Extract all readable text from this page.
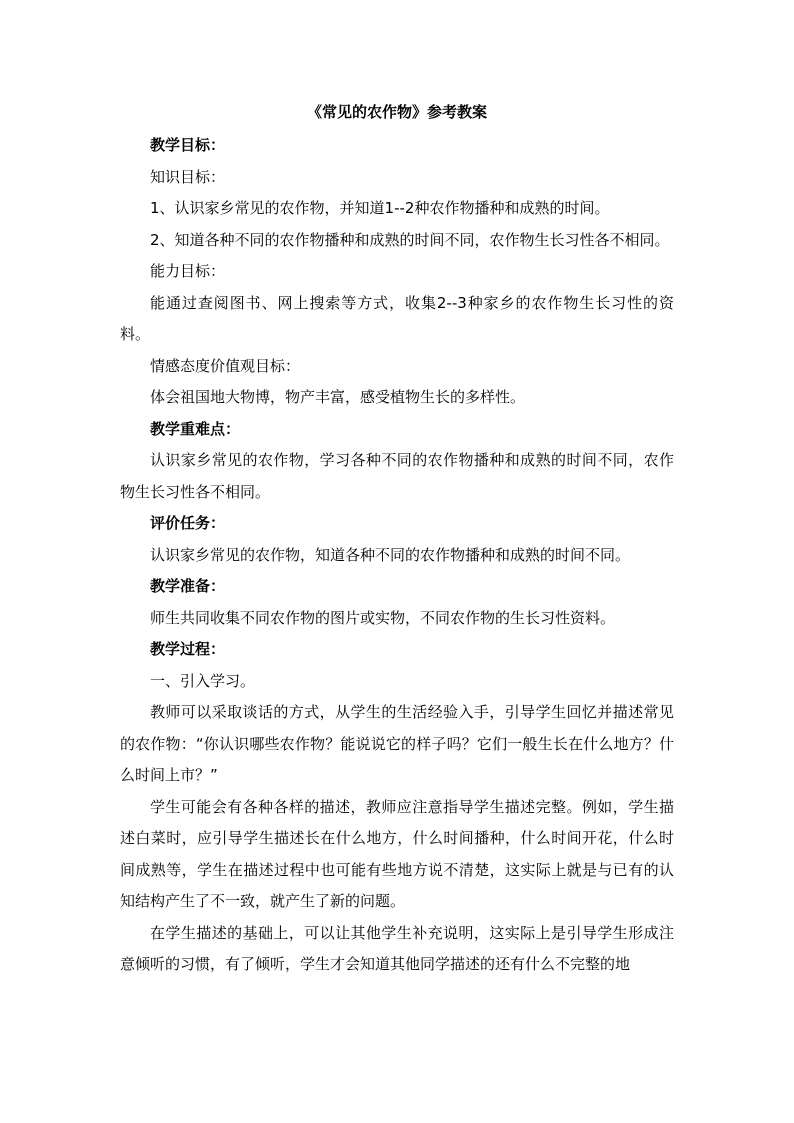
《常见的农作物》参考教案

教学目标：

知识目标：

1、认识家乡常见的农作物，并知道1--2种农作物播种和成熟的时间。

2、知道各种不同的农作物播种和成熟的时间不同，农作物生长习性各不相同。

能力目标：

能通过查阅图书、网上搜索等方式，收集2--3种家乡的农作物生长习性的资料。

情感态度价值观目标：

体会祖国地大物博，物产丰富，感受植物生长的多样性。

教学重难点：

认识家乡常见的农作物，学习各种不同的农作物播种和成熟的时间不同，农作物生长习性各不相同。

评价任务：

认识家乡常见的农作物，知道各种不同的农作物播种和成熟的时间不同。

教学准备：

师生共同收集不同农作物的图片或实物，不同农作物的生长习性资料。

教学过程：

一、引入学习。

教师可以采取谈话的方式，从学生的生活经验入手，引导学生回忆并描述常见的农作物：“你认识哪些农作物？能说说它的样子吗？它们一般生长在什么地方？什么时间上市？”

学生可能会有各种各样的描述，教师应注意指导学生描述完整。例如，学生描述白菜时，应引导学生描述长在什么地方，什么时间播种，什么时间开花，什么时间成熟等，学生在描述过程中也可能有些地方说不清楚，这实际上就是与已有的认知结构产生了不一致，就产生了新的问题。

在学生描述的基础上，可以让其他学生补充说明，这实际上是引导学生形成注意倾听的习惯，有了倾听，学生才会知道其他同学描述的还有什么不完整的地
